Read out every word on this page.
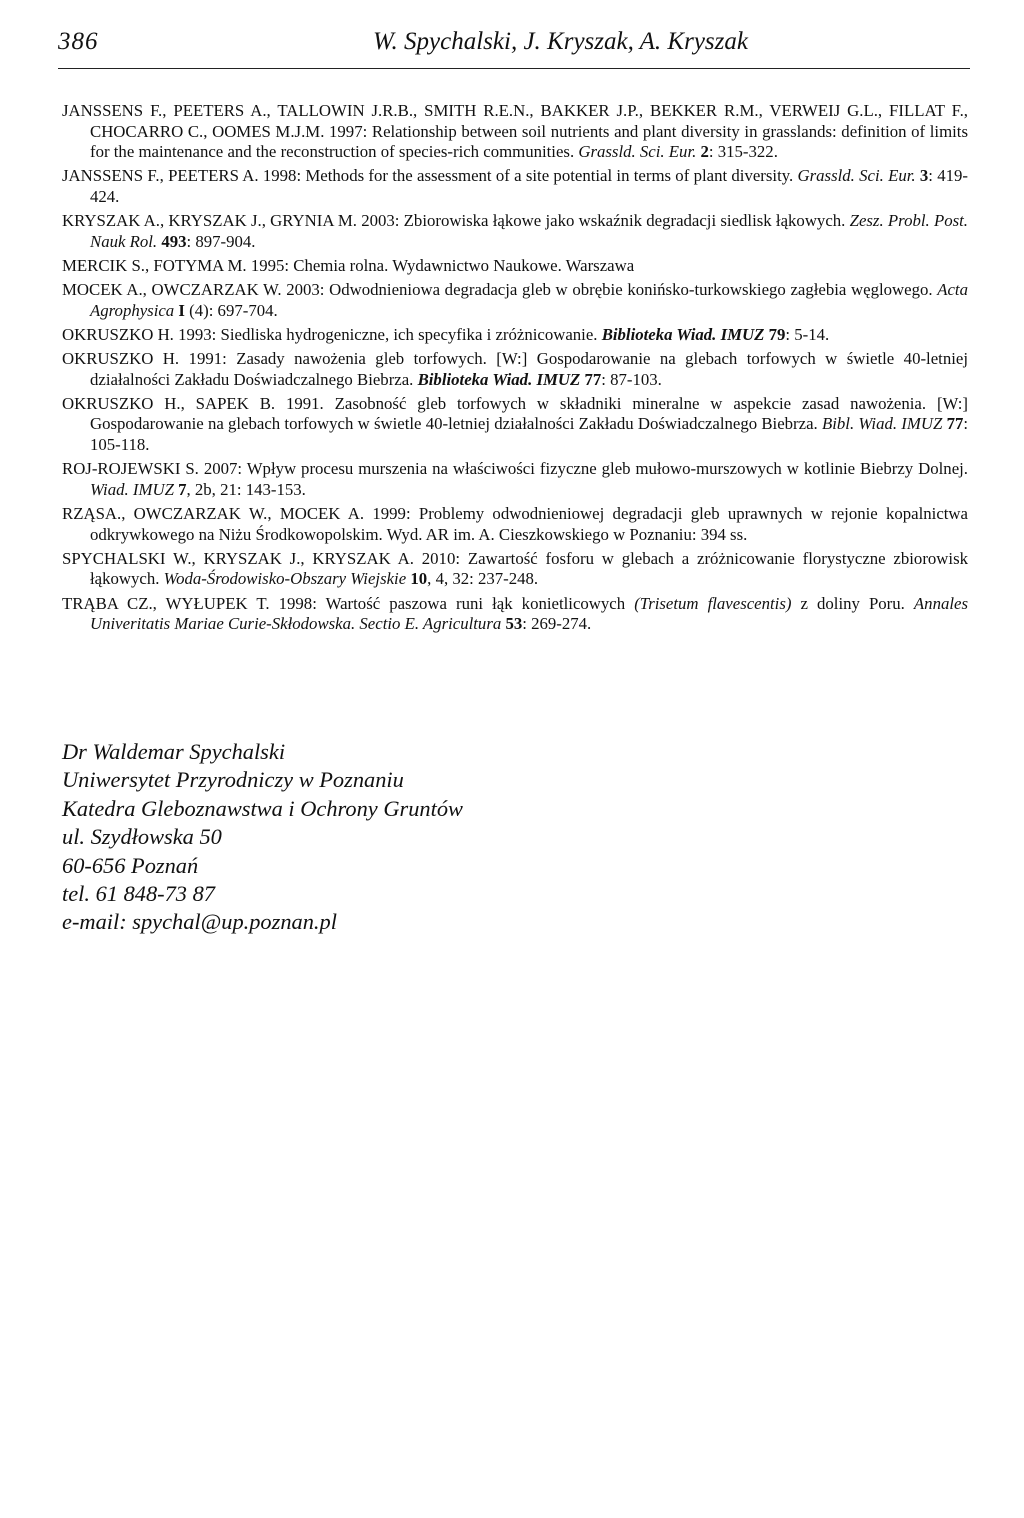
386	W. Spychalski, J. Kryszak, A. Kryszak
JANSSENS F., PEETERS A., TALLOWIN J.R.B., SMITH R.E.N., BAKKER J.P., BEKKER R.M., VERWEIJ G.L., FILLAT F., CHOCARRO C., OOMES M.J.M. 1997: Relationship between soil nutrients and plant diversity in grasslands: definition of limits for the maintenance and the reconstruction of species-rich communities. Grassld. Sci. Eur. 2: 315-322.
JANSSENS F., PEETERS A. 1998: Methods for the assessment of a site potential in terms of plant diversity. Grassld. Sci. Eur. 3: 419-424.
KRYSZAK A., KRYSZAK J., GRYNIA M. 2003: Zbiorowiska łąkowe jako wskaźnik degradacji siedlisk łąkowych. Zesz. Probl. Post. Nauk Rol. 493: 897-904.
MERCIK S., FOTYMA M. 1995: Chemia rolna. Wydawnictwo Naukowe. Warszawa
MOCEK A., OWCZARZAK W. 2003: Odwodnieniowa degradacja gleb w obrębie konińsko-turkowskiego zagłebia węglowego. Acta Agrophysica I (4): 697-704.
OKRUSZKO H. 1993: Siedliska hydrogeniczne, ich specyfika i zróżnicowanie. Biblioteka Wiad. IMUZ 79: 5-14.
OKRUSZKO H. 1991: Zasady nawożenia gleb torfowych. [W:] Gospodarowanie na glebach torfowych w świetle 40-letniej działalności Zakładu Doświadczalnego Biebrza. Biblioteka Wiad. IMUZ 77: 87-103.
OKRUSZKO H., SAPEK B. 1991. Zasobność gleb torfowych w składniki mineralne w aspekcie zasad nawożenia. [W:] Gospodarowanie na glebach torfowych w świetle 40-letniej działalności Zakładu Doświadczalnego Biebrza. Bibl. Wiad. IMUZ 77: 105-118.
ROJ-ROJEWSKI S. 2007: Wpływ procesu murszenia na właściwości fizyczne gleb mułowo-murszowych w kotlinie Biebrzy Dolnej. Wiad. IMUZ 7, 2b, 21: 143-153.
RZĄSA., OWCZARZAK W., MOCEK A. 1999: Problemy odwodnieniowej degradacji gleb uprawnych w rejonie kopalnictwa odkrywkowego na Niżu Środkowopolskim. Wyd. AR im. A. Cieszkowskiego w Poznaniu: 394 ss.
SPYCHALSKI W., KRYSZAK J., KRYSZAK A. 2010: Zawartość fosforu w glebach a zróżnicowanie florystyczne zbiorowisk łąkowych. Woda-Środowisko-Obszary Wiejskie 10, 4, 32: 237-248.
TRĄBA CZ., WYŁUPEK T. 1998: Wartość paszowa runi łąk konietlicowych (Trisetum flavescentis) z doliny Poru. Annales Univeritatis Mariae Curie-Skłodowska. Sectio E. Agricultura 53: 269-274.
Dr Waldemar Spychalski
Uniwersytet Przyrodniczy w Poznaniu
Katedra Gleboznawstwa i Ochrony Gruntów
ul. Szydłowska 50
60-656 Poznań
tel. 61 848-73 87
e-mail: spychal@up.poznan.pl
